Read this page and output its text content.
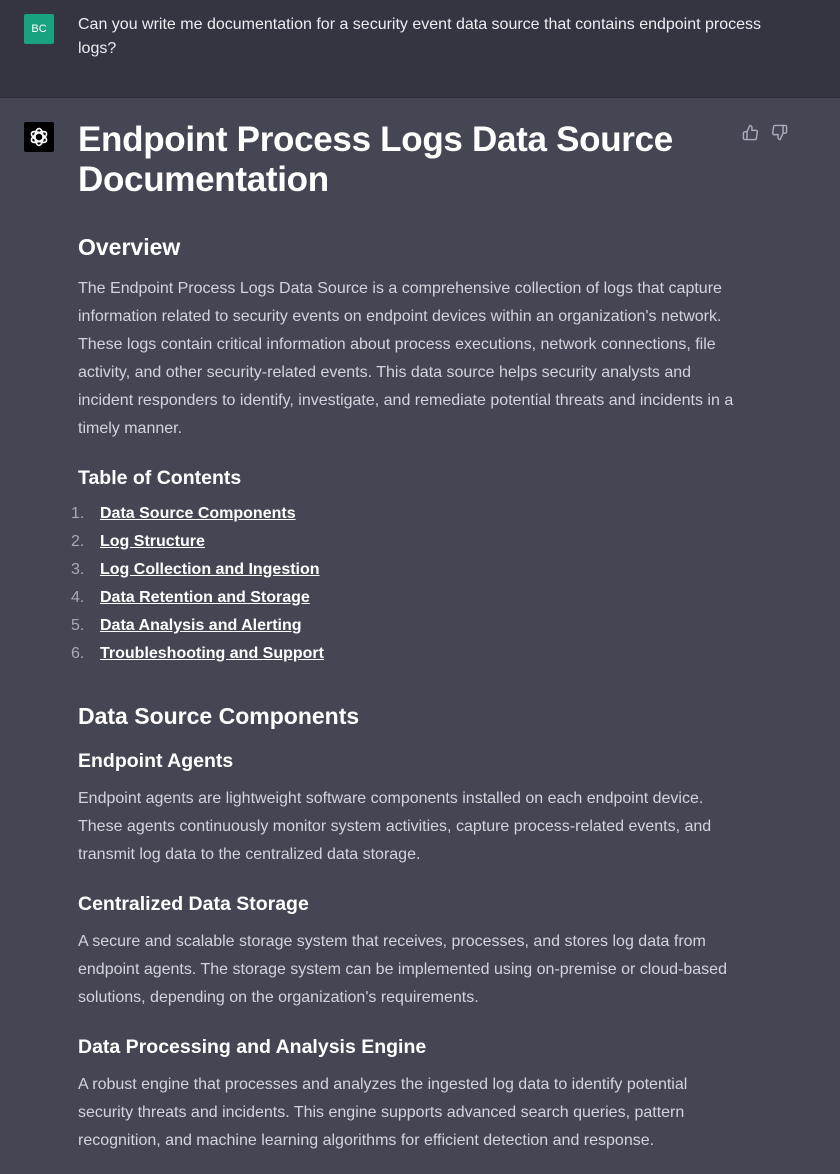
BC	Can you write me documentation for a security event data source that contains endpoint process logs?
Endpoint Process Logs Data Source Documentation
Overview

The Endpoint Process Logs Data Source is a comprehensive collection of logs that capture information related to security events on endpoint devices within an organization's network. These logs contain critical information about process executions, network connections, file activity, and other security-related events. This data source helps security analysts and incident responders to identify, investigate, and remediate potential threats and incidents in a timely manner.

Table of Contents
1. Data Source Components
2. Log Structure
3. Log Collection and Ingestion
4. Data Retention and Storage
5. Data Analysis and Alerting
6. Troubleshooting and Support
Data Source Components
Endpoint Agents

Endpoint agents are lightweight software components installed on each endpoint device. These agents continuously monitor system activities, capture process-related events, and transmit log data to the centralized data storage.

Centralized Data Storage

A secure and scalable storage system that receives, processes, and stores log data from endpoint agents. The storage system can be implemented using on-premise or cloud-based solutions, depending on the organization's requirements.

Data Processing and Analysis Engine

A robust engine that processes and analyzes the ingested log data to identify potential security threats and incidents. This engine supports advanced search queries, pattern recognition, and machine learning algorithms for efficient detection and response.
